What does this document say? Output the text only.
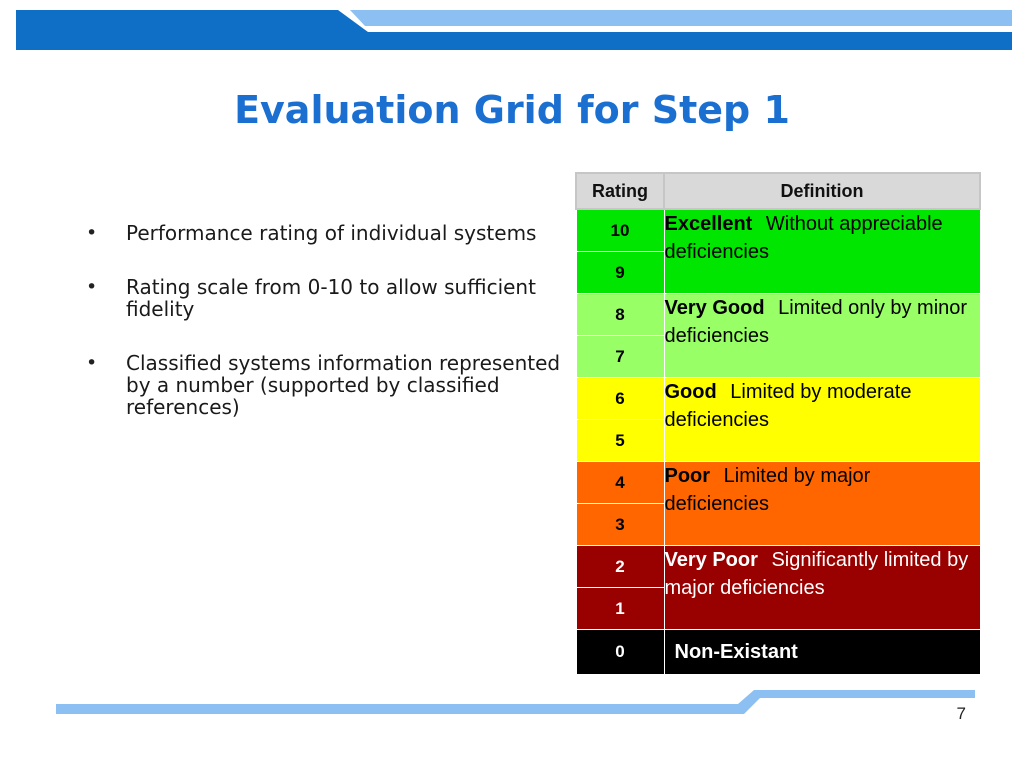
Evaluation Grid for Step 1
• Performance rating of individual systems
• Rating scale from 0-10 to allow sufficient fidelity
• Classified systems information represented by a number (supported by classified references)
Rating	Definition
10	Excellent Without appreciable deficiencies
9	
8	Very Good Limited only by minor deficiencies
7	
6	Good Limited by moderate deficiencies
5	
4	Poor Limited by major deficiencies
3	
2	Very Poor Significantly limited by major deficiencies
1	
0	Non-Existant
7
